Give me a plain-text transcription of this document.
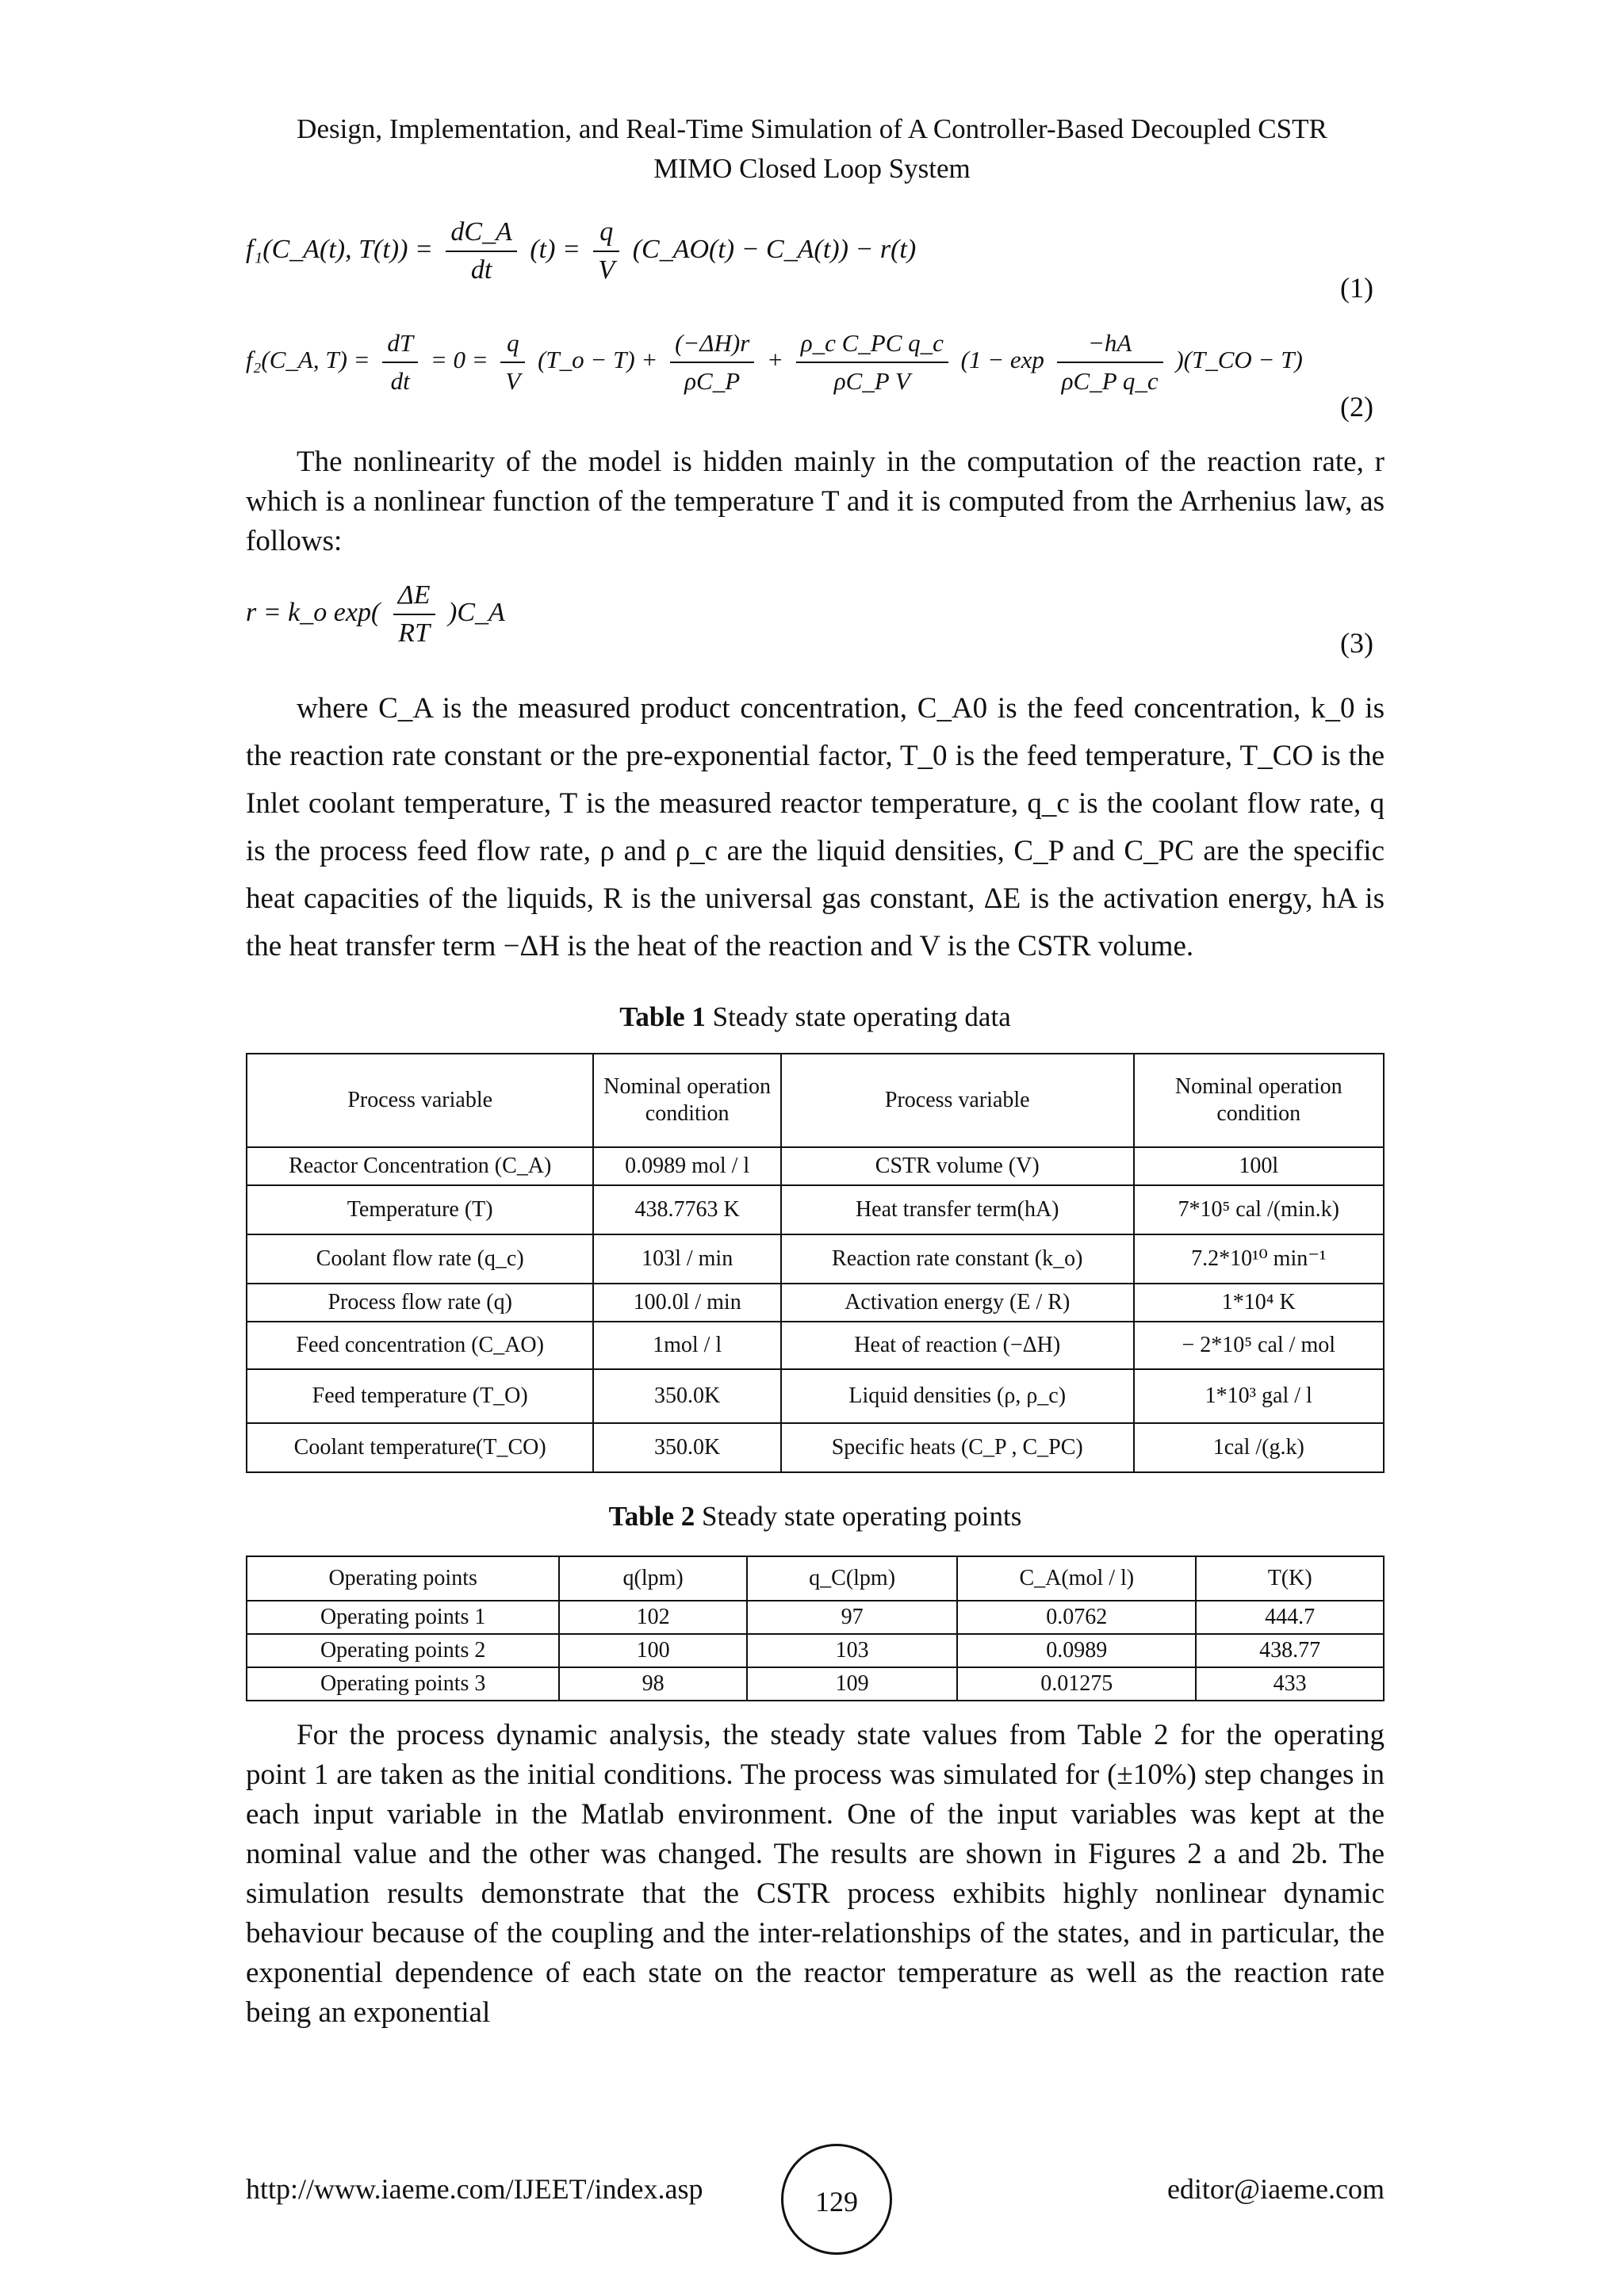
Design, Implementation, and Real-Time Simulation of A Controller-Based Decoupled CSTR
MIMO Closed Loop System
f₁(C_A(t), $T(t)) = \frac{dC\_A}{dt} (t) = \frac{q}{V}$ (C_AO(t) − C_A(t)) − r(t)
(1)
f₂(C_A, $T) = \frac{dT}{dt} = 0 = \frac{q}{V}$ (T_o − $T) + \frac{(-\Delta H)r}{\rho C\_P} + \frac{\text{ρ\_c C\_PC q\_c}}{\text{ρC\_P V}} (1 - \exp \frac{-hA}{\text{ρC\_P q\_c}}$ )(T_CO − T)
(2)

The nonlinearity of the model is hidden mainly in the computation of the reaction rate, r which is a nonlinear function of the temperature T and it is computed from the Arrhenius law, as follows:

r = k_o $\exp( \frac{\Delta E}{RT}$ )C_A
(3)

where C_A is the measured product concentration, C_A0 is the feed concentration, k_0 is the reaction rate constant or the pre-exponential factor, T_0 is the feed temperature, T_CO is the Inlet coolant temperature, T is the measured reactor temperature, q_c is the coolant flow rate, q is the process feed flow rate, ρ and ρ_c are the liquid densities, C_P and C_PC are the specific heat capacities of the liquids, R is the universal gas constant, ΔE is the activation energy, hA is the heat transfer term −ΔH is the heat of the reaction and V is the CSTR volume.

Table 1 Steady state operating data

Process variable	Nominal operation condition	Process variable	Nominal operation condition
Reactor Concentration (C_A)	0.0989 mol / l	CSTR volume (V)	100l
Temperature (T)	438.7763 K	Heat transfer term(hA)	7*10⁵ cal /(min.k)
Coolant flow rate (q_c)	103l / min	Reaction rate constant (k_o)	7.2*10¹⁰ min⁻¹
Process flow rate (q)	100.0l / min	Activation energy (E / R)	1*10⁴ K
Feed concentration (C_AO)	1mol / l	Heat of reaction (−ΔH)	− 2*10⁵ cal / mol
Feed temperature (T_O)	350.0K	Liquid densities (ρ, ρ_c)	1*10³ gal / l
Coolant temperature(T_CO)	350.0K	Specific heats (C_P , C_PC)	1cal /(g.k)

Table 2 Steady state operating points

Operating points	q(lpm)	q_C(lpm)	C_A(mol / l)	T(K)
Operating points 1	102	97	0.0762	444.7
Operating points 2	100	103	0.0989	438.77
Operating points 3	98	109	0.01275	433

For the process dynamic analysis, the steady state values from Table 2 for the operating point 1 are taken as the initial conditions. The process was simulated for (±10%) step changes in each input variable in the Matlab environment. One of the input variables was kept at the nominal value and the other was changed. The results are shown in Figures 2 a and 2b. The simulation results demonstrate that the CSTR process exhibits highly nonlinear dynamic behaviour because of the coupling and the inter-relationships of the states, and in particular, the exponential dependence of each state on the reactor temperature as well as the reaction rate being an exponential

http://www.iaeme.com/IJEET/index.asp	129	editor@iaeme.com
